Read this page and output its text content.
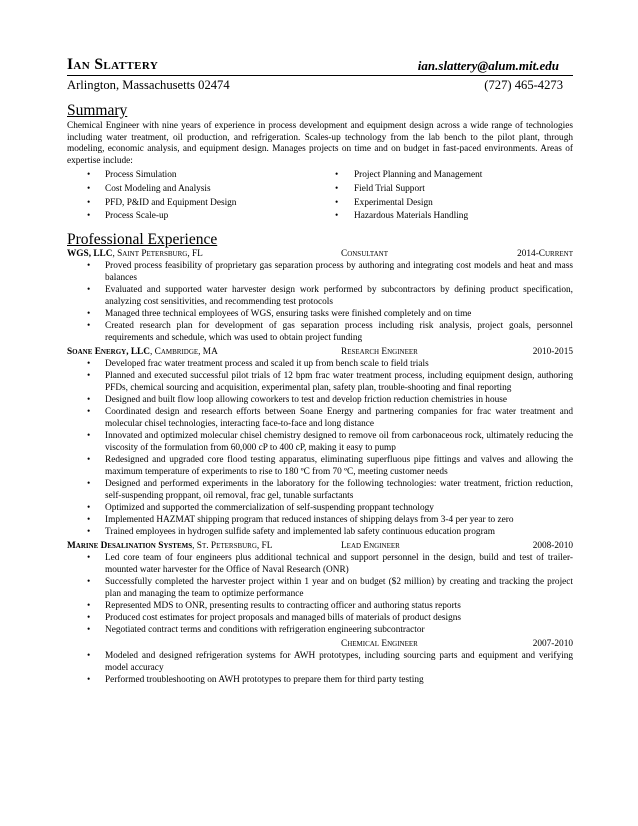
Ian Slattery	ian.slattery@alum.mit.edu
Arlington, Massachusetts 02474	(727) 465-4273
Summary
Chemical Engineer with nine years of experience in process development and equipment design across a wide range of technologies including water treatment, oil production, and refrigeration. Scales-up technology from the lab bench to the pilot plant, through modeling, economic analysis, and equipment design. Manages projects on time and on budget in fast-paced environments. Areas of expertise include:
• Process Simulation
• Cost Modeling and Analysis
• PFD, P&ID and Equipment Design
• Process Scale-up
• Project Planning and Management
• Field Trial Support
• Experimental Design
• Hazardous Materials Handling
Professional Experience
WGS, LLC, Saint Petersburg, FL	Consultant	2014-Current
• Proved process feasibility of proprietary gas separation process by authoring and integrating cost models and heat and mass balances
• Evaluated and supported water harvester design work performed by subcontractors by defining product specification, analyzing cost sensitivities, and recommending test protocols
• Managed three technical employees of WGS, ensuring tasks were finished completely and on time
• Created research plan for development of gas separation process including risk analysis, project goals, personnel requirements and schedule, which was used to obtain project funding
Soane Energy, LLC, Cambridge, MA	Research Engineer	2010-2015
• Developed frac water treatment process and scaled it up from bench scale to field trials
• Planned and executed successful pilot trials of 12 bpm frac water treatment process, including equipment design, authoring PFDs, chemical sourcing and acquisition, experimental plan, safety plan, trouble-shooting and final reporting
• Designed and built flow loop allowing coworkers to test and develop friction reduction chemistries in house
• Coordinated design and research efforts between Soane Energy and partnering companies for frac water treatment and molecular chisel technologies, interacting face-to-face and long distance
• Innovated and optimized molecular chisel chemistry designed to remove oil from carbonaceous rock, ultimately reducing the viscosity of the formulation from 60,000 cP to 400 cP, making it easy to pump
• Redesigned and upgraded core flood testing apparatus, eliminating superfluous pipe fittings and valves and allowing the maximum temperature of experiments to rise to 180 ºC from 70 ºC, meeting customer needs
• Designed and performed experiments in the laboratory for the following technologies: water treatment, friction reduction, self-suspending proppant, oil removal, frac gel, tunable surfactants
• Optimized and supported the commercialization of self-suspending proppant technology
• Implemented HAZMAT shipping program that reduced instances of shipping delays from 3-4 per year to zero
• Trained employees in hydrogen sulfide safety and implemented lab safety continuous education program
Marine Desalination Systems, St. Petersburg, FL	Lead Engineer	2008-2010
• Led core team of four engineers plus additional technical and support personnel in the design, build and test of trailer-mounted water harvester for the Office of Naval Research (ONR)
• Successfully completed the harvester project within 1 year and on budget ($2 million) by creating and tracking the project plan and managing the team to optimize performance
• Represented MDS to ONR, presenting results to contracting officer and authoring status reports
• Produced cost estimates for project proposals and managed bills of materials of product designs
• Negotiated contract terms and conditions with refrigeration engineering subcontractor
Chemical Engineer	2007-2010
• Modeled and designed refrigeration systems for AWH prototypes, including sourcing parts and equipment and verifying model accuracy
• Performed troubleshooting on AWH prototypes to prepare them for third party testing
